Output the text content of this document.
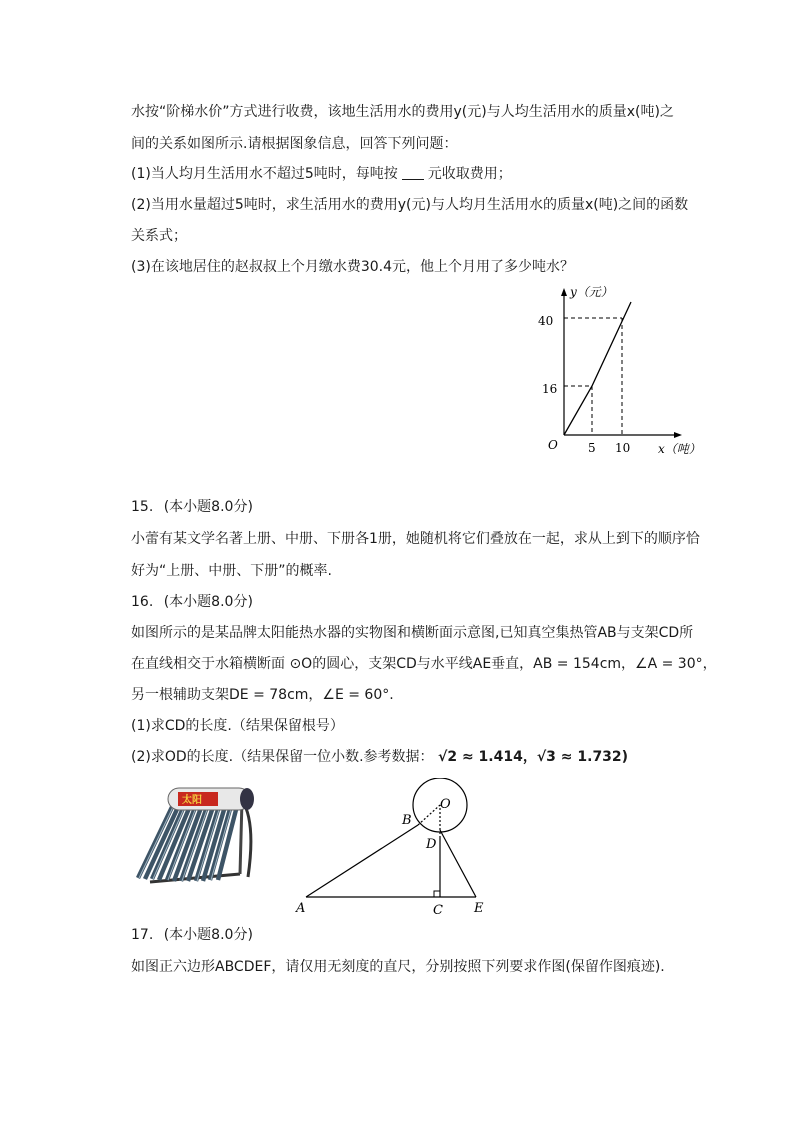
水按“阶梯水价”方式进行收费，该地生活用水的费用y(元)与人均生活用水的质量x(吨)之
间的关系如图所示.请根据图象信息，回答下列问题：
(1)当人均月生活用水不超过5吨时，每吨按 元收取费用；
(2)当用水量超过5吨时，求生活用水的费用y(元)与人均月生活用水的质量x(吨)之间的函数
关系式；
(3)在该地居住的赵叔叔上个月缴水费30.4元，他上个月用了多少吨水？
y（元）
40
16
O	5 10 x（吨）
15. (本小题8.0分)
小蕾有某文学名著上册、中册、下册各1册，她随机将它们叠放在一起，求从上到下的顺序恰
好为“上册、中册、下册”的概率.
16. (本小题8.0分)
如图所示的是某品牌太阳能热水器的实物图和横断面示意图,已知真空集热管AB与支架CD所
在直线相交于水箱横断面 ⊙O的圆心，支架CD与水平线AE垂直，AB = 154cm，∠A = 30°，
另一根辅助支架DE = 78cm，∠E = 60°.
(1)求CD的长度.（结果保留根号）
(2)求OD的长度.（结果保留一位小数.参考数据： √2 ≈ 1.414，√3 ≈ 1.732)
太阳
A
B
C
D
E
O
17. (本小题8.0分)
如图正六边形ABCDEF，请仅用无刻度的直尺，分别按照下列要求作图(保留作图痕迹).
